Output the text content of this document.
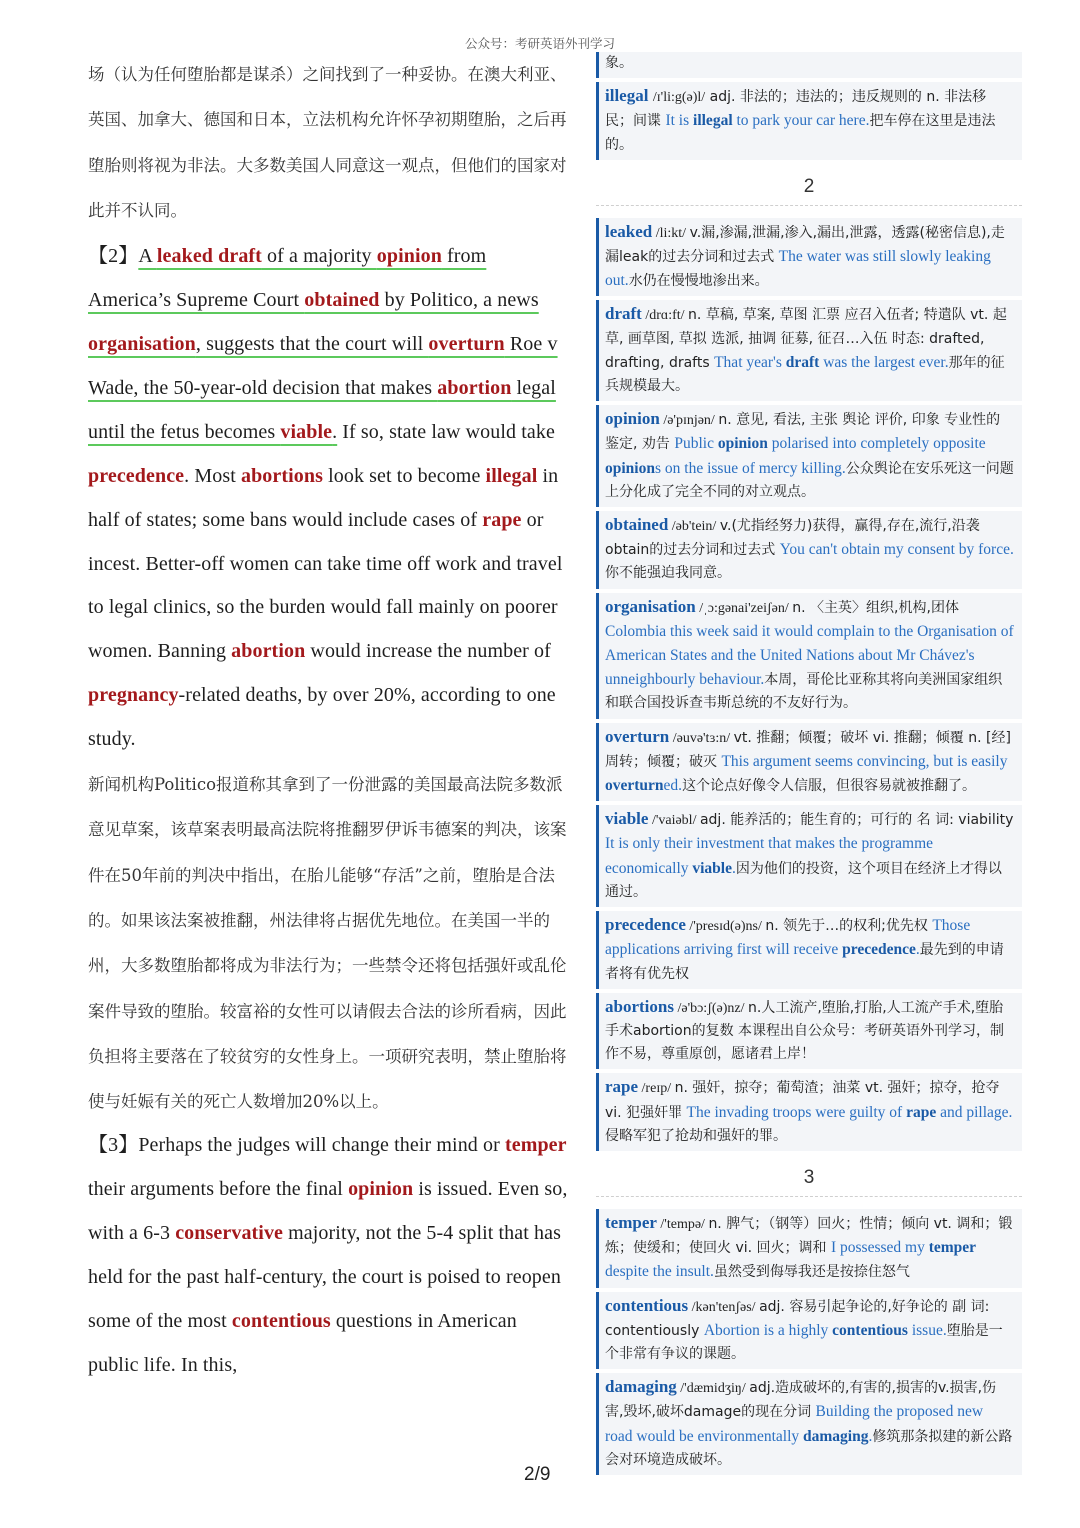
公众号：考研英语外刊学习
场（认为任何堕胎都是谋杀）之间找到了一种妥协。在澳大利亚、英国、加拿大、德国和日本，立法机构允许怀孕初期堕胎，之后再堕胎则将视为非法。大多数美国人同意这一观点，但他们的国家对此并不认同。
【2】A leaked draft of a majority opinion from America’s Supreme Court obtained by Politico, a news organisation, suggests that the court will overturn Roe v Wade, the 50-year-old decision that makes abortion legal until the fetus becomes viable. If so, state law would take precedence. Most abortions look set to become illegal in half of states; some bans would include cases of rape or incest. Better-off women can take time off work and travel to legal clinics, so the burden would fall mainly on poorer women. Banning abortion would increase the number of pregnancy-related deaths, by over 20%, according to one study.
新闻机构Politico报道称其拿到了一份泄露的美国最高法院多数派意见草案，该草案表明最高法院将推翻罗伊诉韦德案的判决，该案件在50年前的判决中指出，在胎儿能够“存活”之前，堕胎是合法的。如果该法案被推翻，州法律将占据优先地位。在美国一半的州，大多数堕胎都将成为非法行为；一些禁令还将包括强奸或乱伦案件导致的堕胎。较富裕的女性可以请假去合法的诊所看病，因此负担将主要落在了较贫穷的女性身上。一项研究表明，禁止堕胎将使与妊娠有关的死亡人数增加20%以上。
【3】Perhaps the judges will change their mind or temper their arguments before the final opinion is issued. Even so, with a 6-3 conservative majority, not the 5-4 split that has held for the past half-century, the court is poised to reopen some of the most contentious questions in American public life. In this,
象。
illegal /ɪ'li:g(ə)l/ adj. 非法的；违法的；违反规则的 n. 非法移民；间谍 It is illegal to park your car here.把车停在这里是违法的。
2
leaked /li:kt/ v.漏,渗漏,泄漏,渗入,漏出,泄露，透露(秘密信息),走漏leak的过去分词和过去式 The water was still slowly leaking out.水仍在慢慢地渗出来。
draft /drɑ:ft/ n. 草稿, 草案, 草图 汇票 应召入伍者; 特遣队 vt. 起草, 画草图, 草拟 选派, 抽调 征募, 征召…入伍 时态: drafted, drafting, drafts That year's draft was the largest ever.那年的征兵规模最大。
opinion /ə'pɪnjən/ n. 意见, 看法, 主张 舆论 评价, 印象 专业性的鉴定, 劝告 Public opinion polarised into completely opposite opinions on the issue of mercy killing.公众舆论在安乐死这一问题上分化成了完全不同的对立观点。
obtained /əb'tein/ v.(尤指经努力)获得，赢得,存在,流行,沿袭obtain的过去分词和过去式 You can't obtain my consent by force.你不能强迫我同意。
organisation /ˌɔ:gənai'zeiʃən/ n. 〈主英〉组织,机构,团体 Colombia this week said it would complain to the Organisation of American States and the United Nations about Mr Chávez's unneighbourly behaviour.本周，哥伦比亚称其将向美洲国家组织和联合国投诉查韦斯总统的不友好行为。
overturn /əuvə'tɜ:n/ vt. 推翻；倾覆；破坏 vi. 推翻；倾覆 n. [经]周转；倾覆；破灭 This argument seems convincing, but is easily overturned.这个论点好像令人信服，但很容易就被推翻了。
viable /'vaiəbl/ adj. 能养活的；能生育的；可行的 名 词: viability It is only their investment that makes the programme economically viable.因为他们的投资，这个项目在经济上才得以通过。
precedence /'presɪd(ə)ns/ n. 领先于…的权利;优先权 Those applications arriving first will receive precedence.最先到的申请者将有优先权
abortions /ə'bɔ:ʃ(ə)nz/ n.人工流产,堕胎,打胎,人工流产手术,堕胎手术abortion的复数 本课程出自公众号：考研英语外刊学习，制作不易，尊重原创，愿诸君上岸！
rape /reɪp/ n. 强奸，掠夺；葡萄渣；油菜 vt. 强奸；掠夺，抢夺 vi. 犯强奸罪 The invading troops were guilty of rape and pillage.侵略军犯了抢劫和强奸的罪。
3
temper /'tempə/ n. 脾气；（钢等）回火；性情；倾向 vt. 调和；锻炼；使缓和；使回火 vi. 回火；调和 I possessed my temper despite the insult.虽然受到侮辱我还是按捺住怒气
contentious /kən'tenʃəs/ adj. 容易引起争论的,好争论的 副 词: contentiously Abortion is a highly contentious issue.堕胎是一个非常有争议的课题。
damaging /'dæmidʒiŋ/ adj.造成破坏的,有害的,损害的v.损害,伤害,毁坏,破坏damage的现在分词 Building the proposed new road would be environmentally damaging.修筑那条拟建的新公路会对环境造成破坏。
2/9
